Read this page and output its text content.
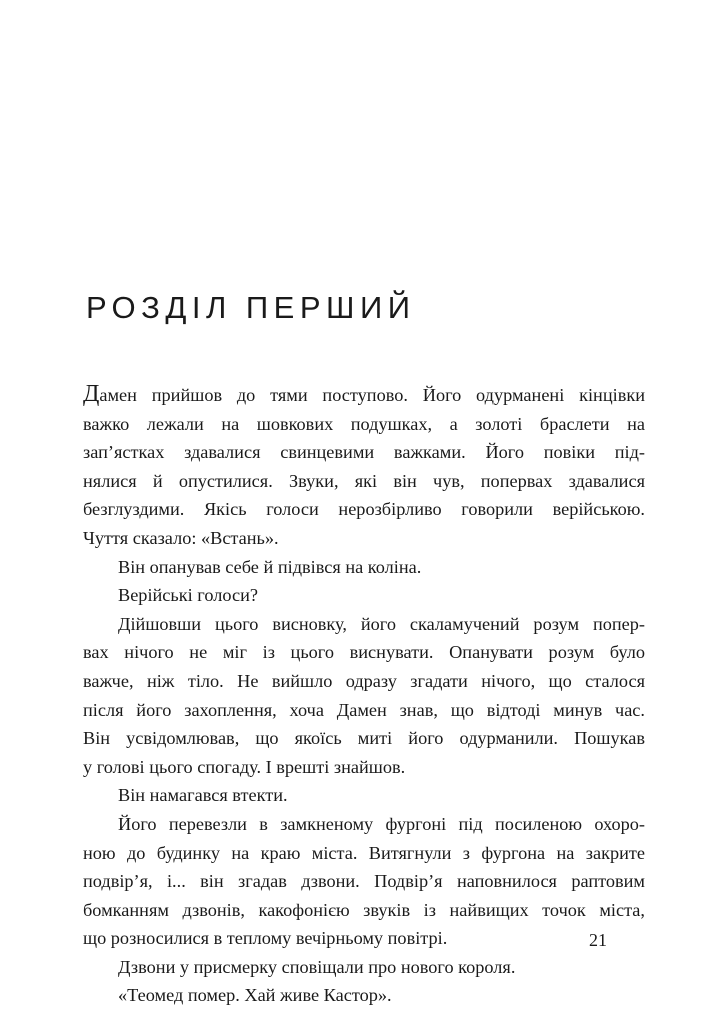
РОЗДІЛ ПЕРШИЙ
Дамен прийшов до тями поступово. Його одурманені кінцівки
важко лежали на шовкових подушках, а золоті браслети на
зап’ястках здавалися свинцевими важками. Його повіки під-
нялися й опустилися. Звуки, які він чув, попервах здавалися
безглуздими. Якісь голоси нерозбірливо говорили верійською.
Чуття сказало: «Встань».
Він опанував себе й підвівся на коліна.
Верійські голоси?
Дійшовши цього висновку, його скаламучений розум попер-
вах нічого не міг із цього виснувати. Опанувати розум було
важче, ніж тіло. Не вийшло одразу згадати нічого, що сталося
після його захоплення, хоча Дамен знав, що відтоді минув час.
Він усвідомлював, що якоїсь миті його одурманили. Пошукав
у голові цього спогаду. І врешті знайшов.
Він намагався втекти.
Його перевезли в замкненому фургоні під посиленою охоро-
ною до будинку на краю міста. Витягнули з фургона на закрите
подвір’я, і... він згадав дзвони. Подвір’я наповнилося раптовим
бомканням дзвонів, какофонією звуків із найвищих точок міста,
що розносилися в теплому вечірньому повітрі.
Дзвони у присмерку сповіщали про нового короля.
«Теомед помер. Хай живе Кастор».
21
